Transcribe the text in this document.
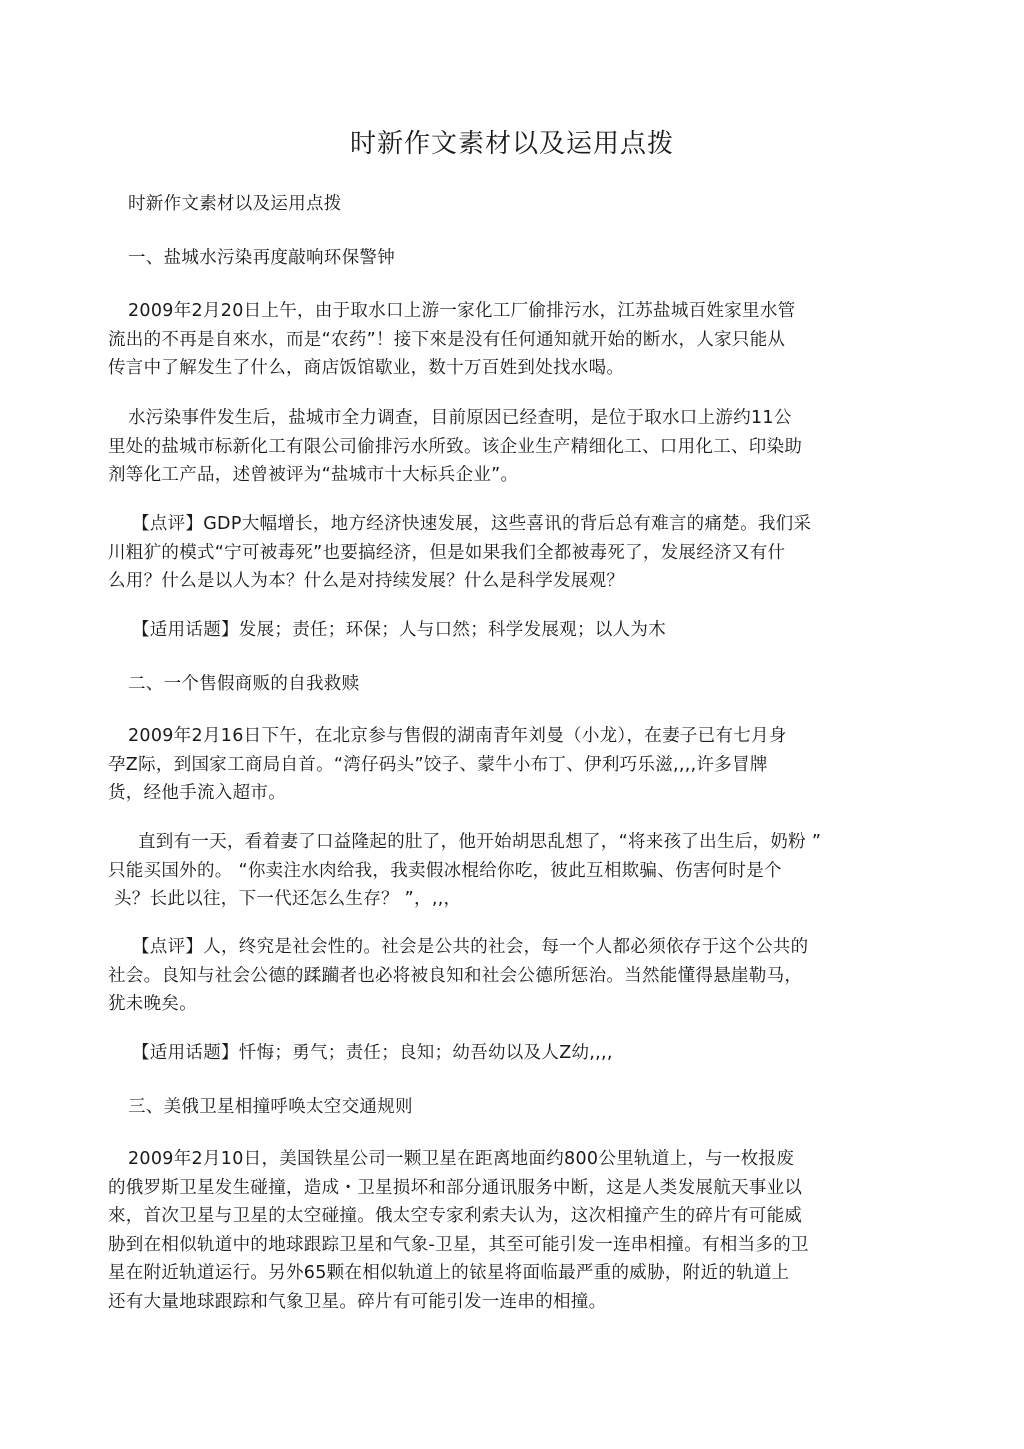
时新作文素材以及运用点拨
时新作文素材以及运用点拨
一、盐城水污染再度敲响环保警钟
2009年2月20日上午，由于取水口上游一家化工厂偷排污水，江苏盐城百姓家里水管
流出的不再是自來水，而是“农药”！接下來是没有任何通知就开始的断水，人家只能从
传言中了解发生了什么，商店饭馆歇业，数十万百姓到处找水喝。
水污染事件发生后，盐城市全力调查，目前原因已经查明，是位于取水口上游约11公
里处的盐城市标新化工有限公司偷排污水所致。该企业生产精细化工、口用化工、印染助
剂等化工产品，述曾被评为“盐城市十大标兵企业”。
【点评】GDP大幅增长，地方经济快速发展，这些喜讯的背后总有难言的痛楚。我们采
川粗犷的模式“宁可被毒死”也要搞经济，但是如果我们全都被毒死了，发展经济又有什
么用？什么是以人为本？什么是对持续发展？什么是科学发展观？
【适用话题】发展；责任；环保；人与口然；科学发展观；以人为木
二、一个售假商贩的自我救赎
2009年2月16日下午，在北京参与售假的湖南青年刘曼（小龙），在妻子已有七月身
孕Z际，到国家工商局自首。“湾仔码头”饺子、蒙牛小布丁、伊利巧乐滋,,,,许多冒牌
货，经他手流入超市。
直到有一天，看着妻了口益隆起的肚了，他开始胡思乱想了，“将来孩了出生后，奶粉 ”
只能买国外的。 “你卖注水肉给我，我卖假冰棍给你吃，彼此互相欺骗、伤害何时是个
头？长此以往，下一代还怎么生存？ ”，,,，
【点评】人，终究是社会性的。社会是公共的社会，每一个人都必须依存于这个公共的
社会。良知与社会公德的蹂躏者也必将被良知和社会公德所惩治。当然能懂得悬崖勒马，
犹未晚矣。
【适用话题】忏悔；勇气；责任；良知；幼吾幼以及人Z幼,,,,
三、美俄卫星相撞呼唤太空交通规则
2009年2月10日，美国铁星公司一颗卫星在距离地面约800公里轨道上，与一枚报废
的俄罗斯卫星发生碰撞，造成・卫星损坏和部分通讯服务中断，这是人类发展航天事业以
來，首次卫星与卫星的太空碰撞。俄太空专家利索夫认为，这次相撞产生的碎片有可能威
胁到在相似轨道中的地球跟踪卫星和气象-卫星，其至可能引发一连串相撞。有相当多的卫
星在附近轨道运行。另外65颗在相似轨道上的铱星将面临最严重的威胁，附近的轨道上
还有大量地球跟踪和气象卫星。碎片有可能引发一连串的相撞。
